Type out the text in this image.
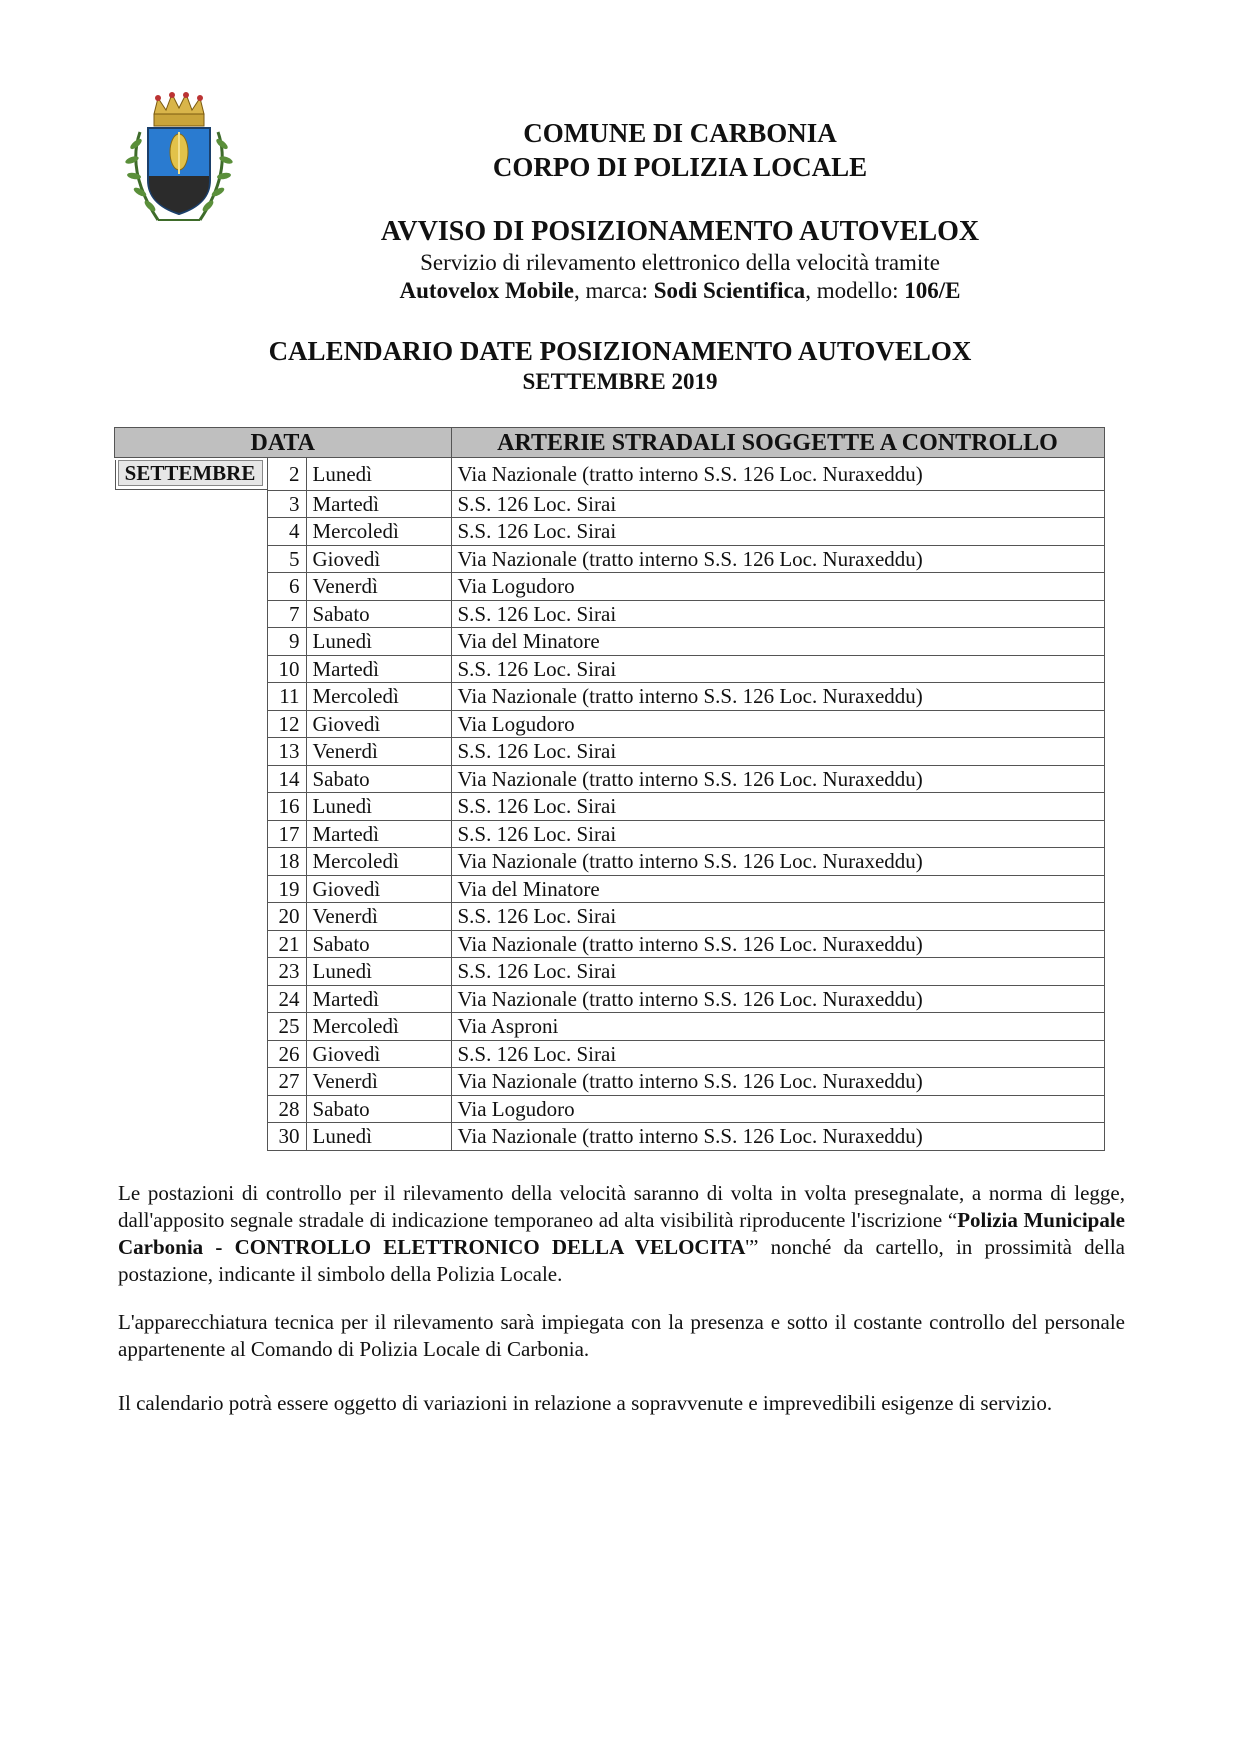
COMUNE DI CARBONIA
CORPO DI POLIZIA LOCALE
AVVISO DI POSIZIONAMENTO AUTOVELOX
Servizio di rilevamento elettronico della velocità tramite
Autovelox Mobile, marca: Sodi Scientifica, modello: 106/E
CALENDARIO DATE POSIZIONAMENTO AUTOVELOX
SETTEMBRE 2019
DATA			ARTERIE STRADALI SOGGETTE A CONTROLLO

SETTEMBRE	2	Lunedì	Via Nazionale (tratto interno S.S. 126 Loc. Nuraxeddu)
	3	Martedì	S.S. 126 Loc. Sirai
	4	Mercoledì	S.S. 126 Loc. Sirai
	5	Giovedì	Via Nazionale (tratto interno S.S. 126 Loc. Nuraxeddu)
	6	Venerdì	Via Logudoro
	7	Sabato	S.S. 126 Loc. Sirai
	9	Lunedì	Via del Minatore
	10	Martedì	S.S. 126 Loc. Sirai
	11	Mercoledì	Via Nazionale (tratto interno S.S. 126 Loc. Nuraxeddu)
	12	Giovedì	Via Logudoro
	13	Venerdì	S.S. 126 Loc. Sirai
	14	Sabato	Via Nazionale (tratto interno S.S. 126 Loc. Nuraxeddu)
	16	Lunedì	S.S. 126 Loc. Sirai
	17	Martedì	S.S. 126 Loc. Sirai
	18	Mercoledì	Via Nazionale (tratto interno S.S. 126 Loc. Nuraxeddu)
	19	Giovedì	Via del Minatore
	20	Venerdì	S.S. 126 Loc. Sirai
	21	Sabato	Via Nazionale (tratto interno S.S. 126 Loc. Nuraxeddu)
	23	Lunedì	S.S. 126 Loc. Sirai
	24	Martedì	Via Nazionale (tratto interno S.S. 126 Loc. Nuraxeddu)
	25	Mercoledì	Via Asproni
	26	Giovedì	S.S. 126 Loc. Sirai
	27	Venerdì	Via Nazionale (tratto interno S.S. 126 Loc. Nuraxeddu)
	28	Sabato	Via Logudoro
	30	Lunedì	Via Nazionale (tratto interno S.S. 126 Loc. Nuraxeddu)
Le postazioni di controllo per il rilevamento della velocità saranno di volta in volta presegnalate, a norma di legge, dall'apposito segnale stradale di indicazione temporaneo ad alta visibilità riproducente l'iscrizione “Polizia Municipale Carbonia - CONTROLLO ELETTRONICO DELLA VELOCITA'” nonché da cartello, in prossimità della postazione, indicante il simbolo della Polizia Locale.
L'apparecchiatura tecnica per il rilevamento sarà impiegata con la presenza e sotto il costante controllo del personale appartenente al Comando di Polizia Locale di Carbonia.
Il calendario potrà essere oggetto di variazioni in relazione a sopravvenute e imprevedibili esigenze di servizio.
